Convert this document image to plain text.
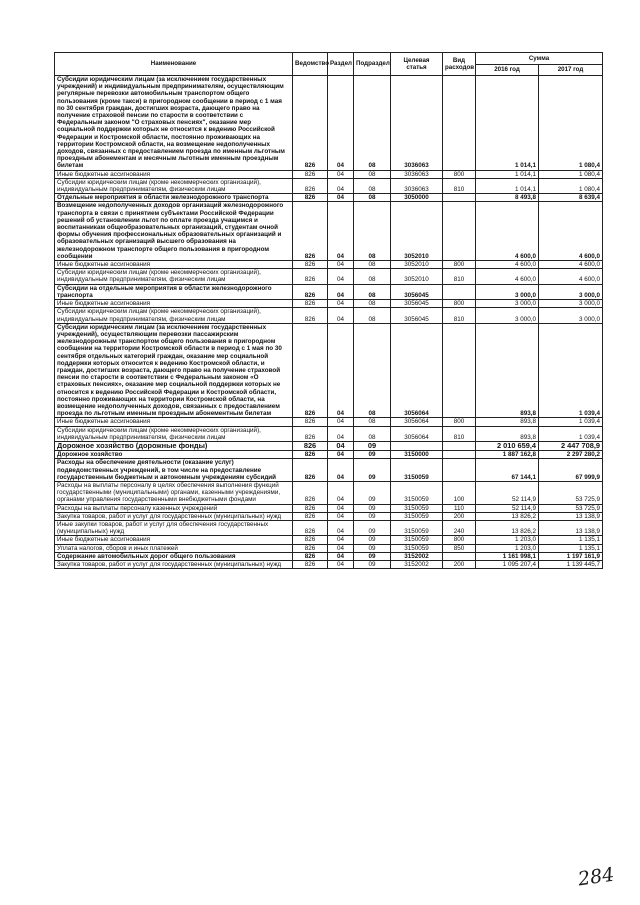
Наименование	Ведомство	Раздел	Подраздел	Целевая статья	Вид расходов	Сумма	
						2016 год	2017 год
Субсидии юридическим лицам (за исключением государственных учреждений) и индивидуальным предпринимателям, осуществляющим регулярные перевозки автомобильным транспортом общего пользования (кроме такси) в пригородном сообщении в период с 1 мая по 30 сентября граждан, достигших возраста, дающего право на получение страховой пенсии по старости в соответствии с Федеральным законом "О страховых пенсиях", оказание мер социальной поддержки которых не относится к ведению Российской Федерации и Костромской области, постоянно проживающих на территории Костромской области, на возмещение недополученных доходов, связанных с предоставлением проезда по именным льготным проездным абонементам и месячным льготным именным проездным билетам	826	04	08	3036063		1 014,1	1 080,4
Иные бюджетные ассигнования	826	04	08	3036063	800	1 014,1	1 080,4
Субсидии юридическим лицам (кроме некоммерческих организаций), индивидуальным предпринимателям, физическим лицам	826	04	08	3036063	810	1 014,1	1 080,4
Отдельные мероприятия в области железнодорожного транспорта	826	04	08	3050000		8 493,8	8 639,4
Возмещение недополученных доходов организаций железнодорожного транспорта в связи с принятием субъектами Российской Федерации решений об установлении льгот по оплате проезда учащимся и воспитанникам общеобразовательных организаций, студентам очной формы обучения профессиональных образовательных организаций и образовательных организаций высшего образования на железнодорожном транспорте общего пользования в пригородном сообщении	826	04	08	3052010		4 600,0	4 600,0
Иные бюджетные ассигнования	826	04	08	3052010	800	4 600,0	4 600,0
Субсидии юридическим лицам (кроме некоммерческих организаций), индивидуальным предпринимателям, физическим лицам	826	04	08	3052010	810	4 600,0	4 600,0
Субсидии на отдельные мероприятия в области железнодорожного транспорта	826	04	08	3056045		3 000,0	3 000,0
Иные бюджетные ассигнования	826	04	08	3056045	800	3 000,0	3 000,0
Субсидии юридическим лицам (кроме некоммерческих организаций), индивидуальным предпринимателям, физическим лицам	826	04	08	3056045	810	3 000,0	3 000,0
Субсидии юридическим лицам (за исключением государственных учреждений), осуществляющим перевозки пассажирским железнодорожным транспортом общего пользования в пригородном сообщении на территории Костромской области в период с 1 мая по 30 сентября отдельных категорий граждан, оказание мер социальной поддержки которых относится к ведению Костромской области, и граждан, достигших возраста, дающего право на получение страховой пенсии по старости в соответствии с Федеральным законом «О страховых пенсиях», оказание мер социальной поддержки которых не относится к ведению Российской Федерации и Костромской области, постоянно проживающих на территории Костромской области, на возмещение недополученных доходов, связанных с предоставлением проезда по льготным именным проездным абонементным билетам	826	04	08	3056064		893,8	1 039,4
Иные бюджетные ассигнования	826	04	08	3056064	800	893,8	1 039,4
Субсидии юридическим лицам (кроме некоммерческих организаций), индивидуальным предпринимателям, физическим лицам	826	04	08	3056064	810	893,8	1 039,4
Дорожное хозяйство (дорожные фонды)	826	04	09			2 010 659,4	2 447 708,9
Дорожное хозяйство	826	04	09	3150000		1 887 162,8	2 297 280,2
Расходы на обеспечение деятельности (оказание услуг) подведомственных учреждений, в том числе на предоставление государственным бюджетным и автономным учреждениям субсидий	826	04	09	3150059		67 144,1	67 999,9
Расходы на выплаты персоналу в целях обеспечения выполнения функций государственными (муниципальными) органами, казенными учреждениями, органами управления государственными внебюджетными фондами	826	04	09	3150059	100	52 114,9	53 725,9
Расходы на выплаты персоналу казенных учреждений	826	04	09	3150059	110	52 114,9	53 725,9
Закупка товаров, работ и услуг для государственных (муниципальных) нужд	826	04	09	3150059	200	13 826,2	13 138,9
Иные закупки товаров, работ и услуг для обеспечения государственных (муниципальных) нужд	826	04	09	3150059	240	13 826,2	13 138,9
Иные бюджетные ассигнования	826	04	09	3150059	800	1 203,0	1 135,1
Уплата налогов, сборов и иных платежей	826	04	09	3150059	850	1 203,0	1 135,1
Содержание автомобильных дорог общего пользования	826	04	09	3152002		1 161 998,1	1 197 161,9
Закупка товаров, работ и услуг для государственных (муниципальных) нужд	826	04	09	3152002	200	1 095 207,4	1 139 445,7
284
